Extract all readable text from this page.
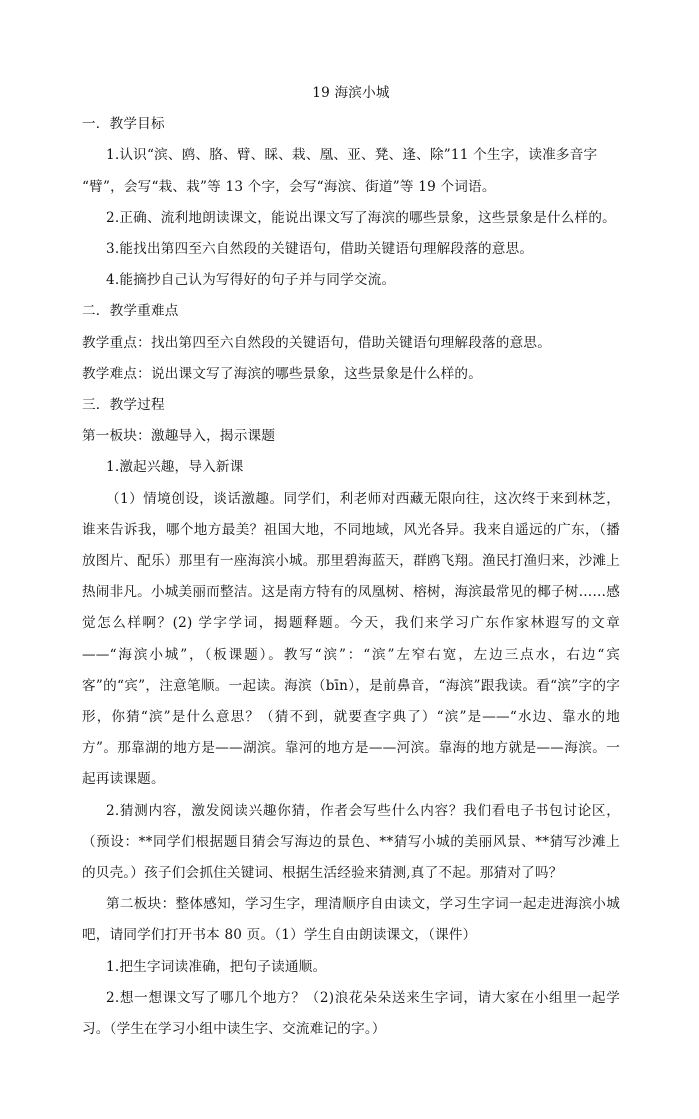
19 海滨小城

一．教学目标

1.认识“滨、鸥、胳、臂、睬、栽、凰、亚、凳、逢、除”11 个生字，读准多音字

“臂”，会写“栽、栽”等 13 个字，会写“海滨、街道”等 19 个词语。

2.正确、流利地朗读课文，能说出课文写了海滨的哪些景象，这些景象是什么样的。

3.能找出第四至六自然段的关键语句，借助关键语句理解段落的意思。

4.能摘抄自己认为写得好的句子并与同学交流。

二．教学重难点

教学重点：找出第四至六自然段的关键语句，借助关键语句理解段落的意思。

教学难点：说出课文写了海滨的哪些景象，这些景象是什么样的。

三．教学过程

第一板块：激趣导入，揭示课题

1.激起兴趣，导入新课

（1）情境创设，谈话激趣。同学们，利老师对西藏无限向往，这次终于来到林芝，谁来告诉我，哪个地方最美？祖国大地，不同地域，风光各异。我来自遥远的广东，（播放图片、配乐）那里有一座海滨小城。那里碧海蓝天，群鸥飞翔。渔民打渔归来，沙滩上热闹非凡。小城美丽而整洁。这是南方特有的凤凰树、榕树，海滨最常见的椰子树……感觉怎么样啊？(2) 学字学词，揭题释题。今天，我们来学习广东作家林遐写的文章——“海滨小城”，（板课题）。教写“滨”：“滨”左窄右宽，左边三点水，右边“宾客”的“宾”，注意笔顺。一起读。海滨（bīn），是前鼻音，“海滨”跟我读。看“滨”字的字形，你猜“滨”是什么意思？（猜不到，就要查字典了）“滨”是——“水边、靠水的地方”。那靠湖的地方是——湖滨。靠河的地方是——河滨。靠海的地方就是——海滨。一起再读课题。

2.猜测内容，激发阅读兴趣你猜，作者会写些什么内容？我们看电子书包讨论区，（预设：**同学们根据题目猜会写海边的景色、**猜写小城的美丽风景、**猜写沙滩上的贝壳。）孩子们会抓住关键词、根据生活经验来猜测,真了不起。那猜对了吗？

第二板块：整体感知，学习生字，理清顺序自由读文，学习生字词一起走进海滨小城吧，请同学们打开书本 80 页。（1）学生自由朗读课文，（课件）

1.把生字词读准确，把句子读通顺。

2.想一想课文写了哪几个地方？（2)浪花朵朵送来生字词，请大家在小组里一起学习。（学生在学习小组中读生字、交流难记的字。）
